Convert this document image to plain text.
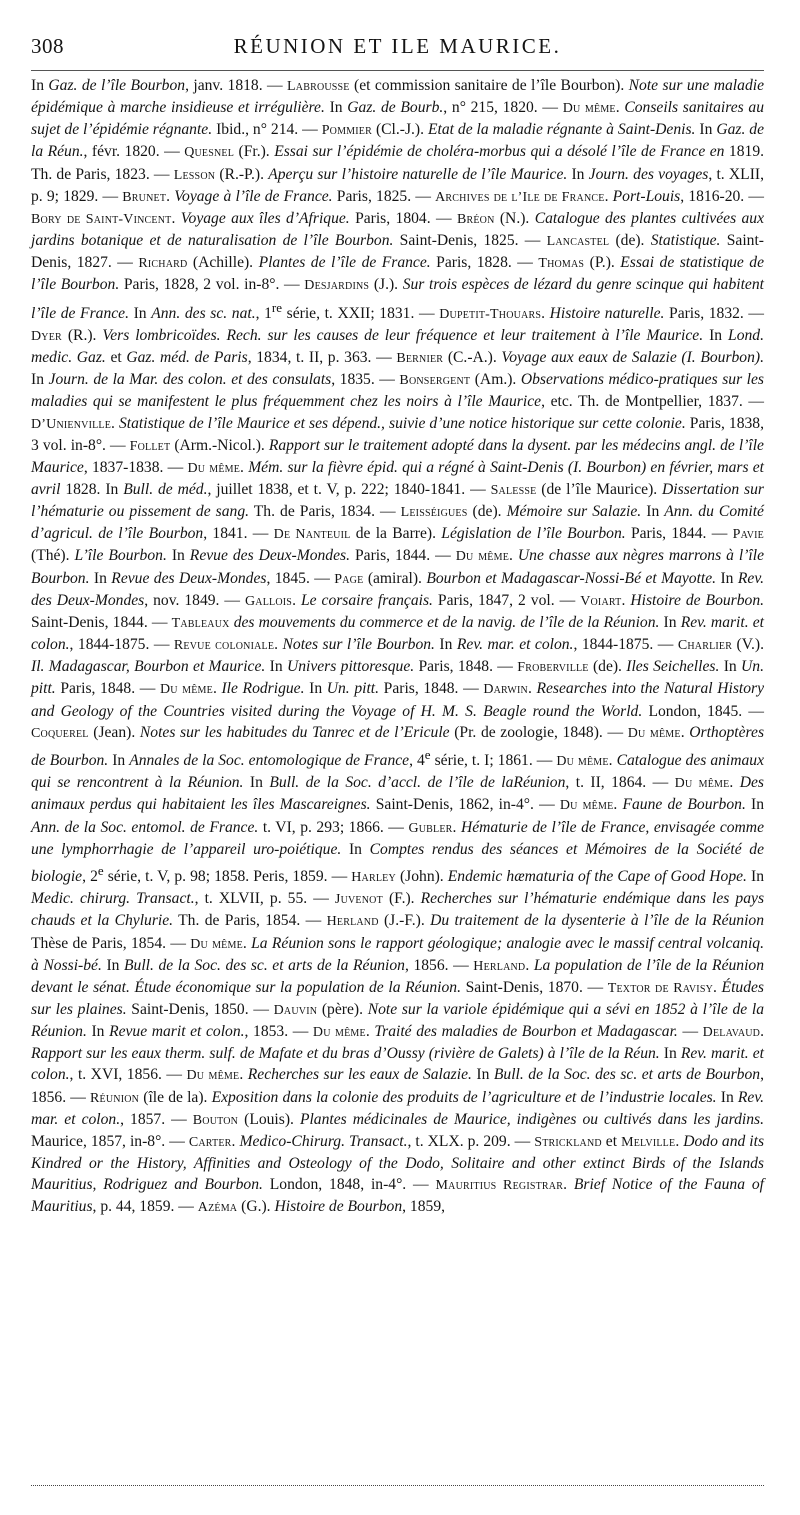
308	RÉUNION ET ILE MAURICE.
In Gaz. de l’île Bourbon, janv. 1818. — Labrousse (et commission sanitaire de l’île Bourbon). Note sur une maladie épidémique à marche insidieuse et irrégulière. In Gaz. de Bourb., n° 215, 1820. — Du même. Conseils sanitaires au sujet de l’épidémie régnante. Ibid., n° 214. — Pommier (Cl.-J.). Etat de la maladie régnante à Saint-Denis. In Gaz. de la Réun., févr. 1820. — Quesnel (Fr.). Essai sur l’épidémie de choléra-morbus qui a désolé l’île de France en 1819. Th. de Paris, 1823. — Lesson (R.-P.). Aperçu sur l’histoire naturelle de l’île Maurice. In Journ. des voyages, t. XLII, p. 9; 1829. — Brunet. Voyage à l’île de France. Paris, 1825. — Archives de l’Ile de France. Port-Louis, 1816-20. — Bory de Saint-Vincent. Voyage aux îles d’Afrique. Paris, 1804. — Bréon (N.). Catalogue des plantes cultivées aux jardins botanique et de naturalisation de l’île Bourbon. Saint-Denis, 1825. — Lancastel (de). Statistique. Saint-Denis, 1827. — Richard (Achille). Plantes de l’île de France. Paris, 1828. — Thomas (P.). Essai de statistique de l’île Bourbon. Paris, 1828, 2 vol. in-8°. — Desjardins (J.). Sur trois espèces de lézard du genre scinque qui habitent l’île de France. In Ann. des sc. nat., 1re série, t. XXII; 1831. — Dupetit-Thouars. Histoire naturelle. Paris, 1832. — Dyer (R.). Vers lombricoïdes. Rech. sur les causes de leur fréquence et leur traitement à l’île Maurice. In Lond. medic. Gaz. et Gaz. méd. de Paris, 1834, t. II, p. 363. — Bernier (C.-A.). Voyage aux eaux de Salazie (I. Bourbon). In Journ. de la Mar. des colon. et des consulats, 1835. — Bonsergent (Am.). Observations médico-pratiques sur les maladies qui se manifestent le plus fréquemment chez les noirs à l’île Maurice, etc. Th. de Montpellier, 1837. — D’Unienville. Statistique de l’île Maurice et ses dépend., suivie d’une notice historique sur cette colonie. Paris, 1838, 3 vol. in-8°. — Follet (Arm.-Nicol.). Rapport sur le traitement adopté dans la dysent. par les médecins angl. de l’île Maurice, 1837-1838. — Du même. Mém. sur la fièvre épid. qui a régné à Saint-Denis (I. Bourbon) en février, mars et avril 1828. In Bull. de méd., juillet 1838, et t. V, p. 222; 1840-1841. — Salesse (de l’île Maurice). Dissertation sur l’hématurie ou pissement de sang. Th. de Paris, 1834. — Leisséigues (de). Mémoire sur Salazie. In Ann. du Comité d’agricul. de l’île Bourbon, 1841. — De Nanteuil de la Barre). Législation de l’île Bourbon. Paris, 1844. — Pavie (Thé). L’île Bourbon. In Revue des Deux-Mondes. Paris, 1844. — Du même. Une chasse aux nègres marrons à l’île Bourbon. In Revue des Deux-Mondes, 1845. — Page (amiral). Bourbon et Madagascar-Nossi-Bé et Mayotte. In Rev. des Deux-Mondes, nov. 1849. — Gallois. Le corsaire français. Paris, 1847, 2 vol. — Voiart. Histoire de Bourbon. Saint-Denis, 1844. — Tableaux des mouvements du commerce et de la navig. de l’île de la Réunion. In Rev. marit. et colon., 1844-1875. — Revue coloniale. Notes sur l’île Bourbon. In Rev. mar. et colon., 1844-1875. — Charlier (V.). Il. Madagascar, Bourbon et Maurice. In Univers pittoresque. Paris, 1848. — Froberville (de). Iles Seichelles. In Un. pitt. Paris, 1848. — Du même. Ile Rodrigue. In Un. pitt. Paris, 1848. — Darwin. Researches into the Natural History and Geology of the Countries visited during the Voyage of H. M. S. Beagle round the World. London, 1845. — Coquerel (Jean). Notes sur les habitudes du Tanrec et de l’Ericule (Pr. de zoologie, 1848). — Du même. Orthoptères de Bourbon. In Annales de la Soc. entomologique de France, 4e série, t. I; 1861. — Du même. Catalogue des animaux qui se rencontrent à la Réunion. In Bull. de la Soc. d’accl. de l’île de laRéunion, t. II, 1864. — Du même. Des animaux perdus qui habitaient les îles Mascareignes. Saint-Denis, 1862, in-4°. — Du même. Faune de Bourbon. In Ann. de la Soc. entomol. de France. t. VI, p. 293; 1866. — Gubler. Hématurie de l’île de France, envisagée comme une lymphorrhagie de l’appareil uro-poiétique. In Comptes rendus des séances et Mémoires de la Société de biologie, 2e série, t. V, p. 98; 1858. Peris, 1859. — Harley (John). Endemic hæmaturia of the Cape of Good Hope. In Medic. chirurg. Transact., t. XLVII, p. 55. — Juvenot (F.). Recherches sur l’hématurie endémique dans les pays chauds et la Chylurie. Th. de Paris, 1854. — Herland (J.-F.). Du traitement de la dysenterie à l’île de la Réunion Thèse de Paris, 1854. — Du même. La Réunion sons le rapport géologique; analogie avec le massif central volcaniq. à Nossi-bé. In Bull. de la Soc. des sc. et arts de la Réunion, 1856. — Herland. La population de l’île de la Réunion devant le sénat. Étude économique sur la population de la Réunion. Saint-Denis, 1870. — Textor de Ravisy. Études sur les plaines. Saint-Denis, 1850. — Dauvin (père). Note sur la variole épidémique qui a sévi en 1852 à l’île de la Réunion. In Revue marit et colon., 1853. — Du même. Traité des maladies de Bourbon et Madagascar. — Delavaud. Rapport sur les eaux therm. sulf. de Mafate et du bras d’Oussy (rivière de Galets) à l’île de la Réun. In Rev. marit. et colon., t. XVI, 1856. — Du même. Recherches sur les eaux de Salazie. In Bull. de la Soc. des sc. et arts de Bourbon, 1856. — Réunion (île de la). Exposition dans la colonie des produits de l’agriculture et de l’industrie locales. In Rev. mar. et colon., 1857. — Bouton (Louis). Plantes médicinales de Maurice, indigènes ou cultivés dans les jardins. Maurice, 1857, in-8°. — Carter. Medico-Chirurg. Transact., t. XLX. p. 209. — Strickland et Melville. Dodo and its Kindred or the History, Affinities and Osteology of the Dodo, Solitaire and other extinct Birds of the Islands Mauritius, Rodriguez and Bourbon. London, 1848, in-4°. — Mauritius Registrar. Brief Notice of the Fauna of Mauritius, p. 44, 1859. — Azéma (G.). Histoire de Bourbon, 1859,
